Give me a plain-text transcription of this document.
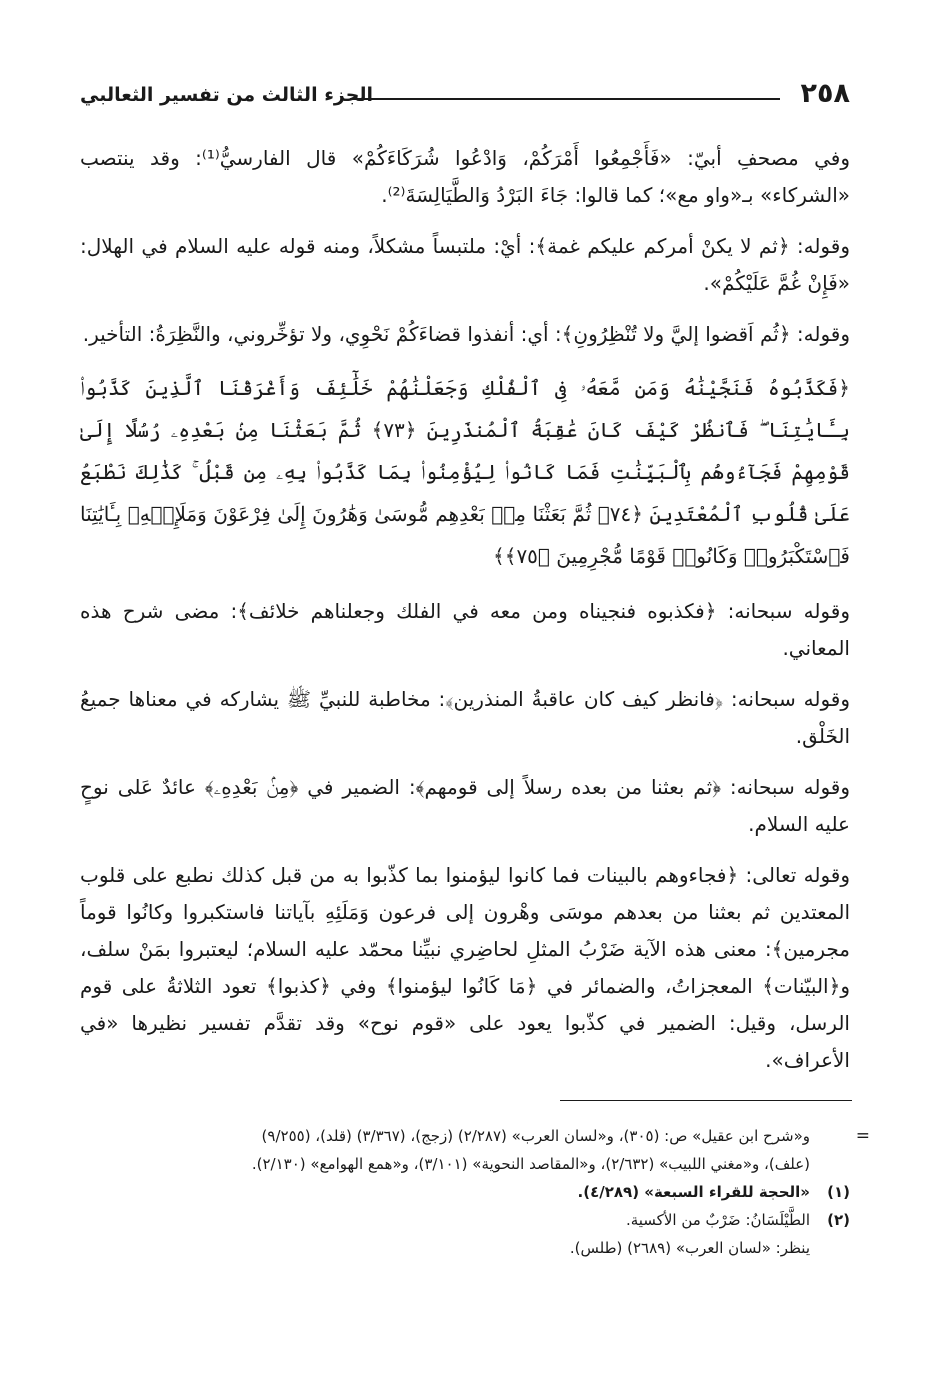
٢٥٨
الجزء الثالث من تفسير الثعالبي

وفي مصحفِ أبيّ: «فَأَجْمِعُوا أَمْرَكُمْ، وَادْعُوا شُرَكَاءَكُمْ» قال الفارسيُّ⁽¹⁾: وقد ينتصب «الشركاء» بـ«واو مع»؛ كما قالوا: جَاءَ البَرْدُ وَالطَّيَالِسَةَ⁽²⁾.

وقوله: ﴿ثم لا يكنْ أمركم عليكم غمة﴾: أيْ: ملتبساً مشكلاً، ومنه قوله عليه السلام في الهلال: «فَإِنْ غُمَّ عَلَيْكُمْ».

وقوله: ﴿ثُم اَقضوا إليَّ ولا تُنْظِرُونِ﴾: أي: أنفذوا قضاءَكُمْ نَحْوِي، ولا تؤخِّروني، والنَّظِرَةُ: التأخير.

﴿فَكَذَّبُوهُ فَنَجَّيْنَٰهُ وَمَن مَّعَهُۥ فِى ٱلْفُلْكِ وَجَعَلْنَٰهُمْ خَلَٰٓئِفَ وَأَغْرَقْنَا ٱلَّذِينَ كَذَّبُوا۟ بِـَٔايَٰتِنَا ۖ فَٱنظُرْ كَيْفَ كَانَ عَٰقِبَةُ ٱلْمُنذَرِينَ ﴿٧٣﴾ ثُمَّ بَعَثْنَا مِنۢ بَعْدِهِۦ رُسُلًا إِلَىٰ قَوْمِهِمْ فَجَآءُوهُم بِٱلْبَيِّنَٰتِ فَمَا كَانُوا۟ لِيُؤْمِنُوا۟ بِمَا كَذَّبُوا۟ بِهِۦ مِن قَبْلُ ۚ كَذَٰلِكَ نَطْبَعُ عَلَىٰ قُلُوبِ ٱلْمُعْتَدِينَ ﴿٧٤﴾ ثُمَّ بَعَثْنَا مِنۢ بَعْدِهِم مُّوسَىٰ وَهَٰرُونَ إِلَىٰ فِرْعَوْنَ وَمَلَإِي۟هِۦ بِـَٔايَٰتِنَا فَٱسْتَكْبَرُوا۟ وَكَانُوا۟ قَوْمًا مُّجْرِمِينَ ﴿٧٥﴾﴾

وقوله سبحانه: ﴿فكذبوه فنجيناه ومن معه في الفلك وجعلناهم خلائف﴾: مضى شرح هذه المعاني.

وقوله سبحانه: ﴿فانظر كيف كان عاقبةُ المنذرين﴾: مخاطبة للنبيِّ ﷺ يشاركه في معناها جميعُ الخَلْق.

وقوله سبحانه: ﴿ثم بعثنا من بعده رسلاً إلى قومهم﴾: الضمير في ﴿مِنۢ بَعْدِهِۦ﴾ عائدٌ عَلى نوحٍ عليه السلام.

وقوله تعالى: ﴿فجاءوهم بالبينات فما كانوا ليؤمنوا بما كذّبوا به من قبل كذلك نطبع على قلوب المعتدين ثم بعثنا من بعدهم موسَى وهْرون إلى فرعون وَمَلَئِهِ بآياتنا فاستكبروا وكانُوا قوماً مجرمين﴾: معنى هذه الآية ضَرْبُ المثلِ لحاضِري نبيِّنا محمّد عليه السلام؛ ليعتبروا بمَنْ سلف، و﴿البيّنات﴾ المعجزاتُ، والضمائر في ﴿مَا كَانُوا ليؤمنوا﴾ وفي ﴿كذبوا﴾ تعود الثلاثةُ على قوم الرسل، وقيل: الضمير في كذّبوا يعود على «قوم نوح» وقد تقدَّم تفسير نظيرها «في الأعراف».

=
و«شرح ابن عقيل» ص: (٣٠٥)، و«لسان العرب» (٢/٢٨٧) (زجج)، (٣/٣٦٧) (قلد)، (٩/٢٥٥)
(علف)، و«مغني اللبيب» (٢/٦٣٢)، و«المقاصد النحوية» (٣/١٠١)، و«همع الهوامع» (٢/١٣٠).
(١)
«الحجة للقراء السبعة» (٤/٢٨٩).
(٢)
الطَّيْلَسَانُ: ضَرْبٌ من الأكسية.
ينظر: «لسان العرب» (٢٦٨٩) (طلس).
